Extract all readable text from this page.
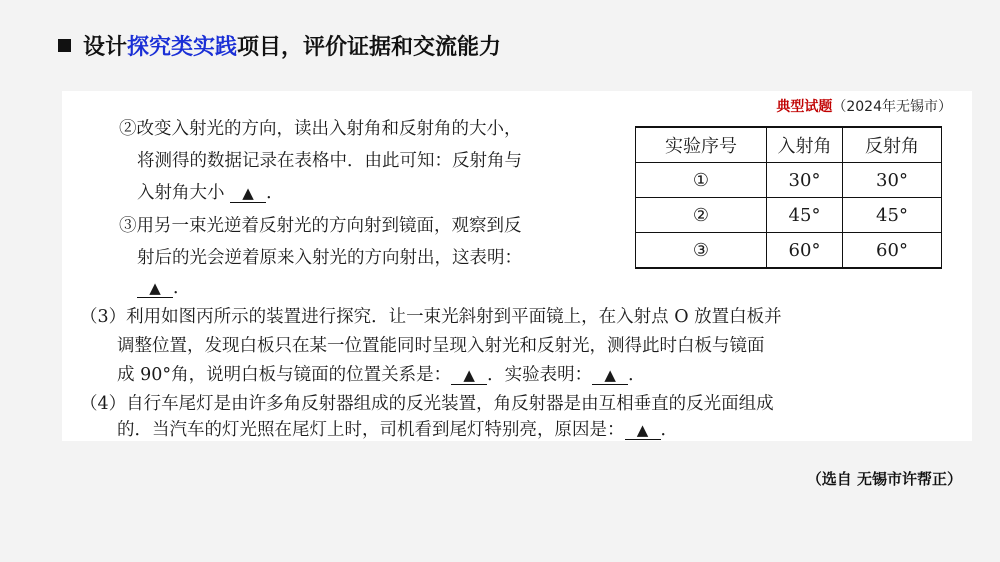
设计探究类实践项目，评价证据和交流能力
典型试题（2024年无锡市）
②改变入射光的方向，读出入射角和反射角的大小，
将测得的数据记录在表格中．由此可知：反射角与
入射角大小 ▲ ．
③用另一束光逆着反射光的方向射到镜面，观察到反
射后的光会逆着原来入射光的方向射出，这表明：
▲ ．
（3）利用如图丙所示的装置进行探究．让一束光斜射到平面镜上，在入射点 O 放置白板并
调整位置，发现白板只在某一位置能同时呈现入射光和反射光，测得此时白板与镜面
成 90°角，说明白板与镜面的位置关系是： ▲ ．实验表明： ▲ ．
（4）自行车尾灯是由许多角反射器组成的反光装置，角反射器是由互相垂直的反光面组成
的．当汽车的灯光照在尾灯上时，司机看到尾灯特别亮，原因是： ▲ ．
实验序号	入射角	反射角
①	30°	30°
②	45°	45°
③	60°	60°
（选自 无锡市许帮正）
